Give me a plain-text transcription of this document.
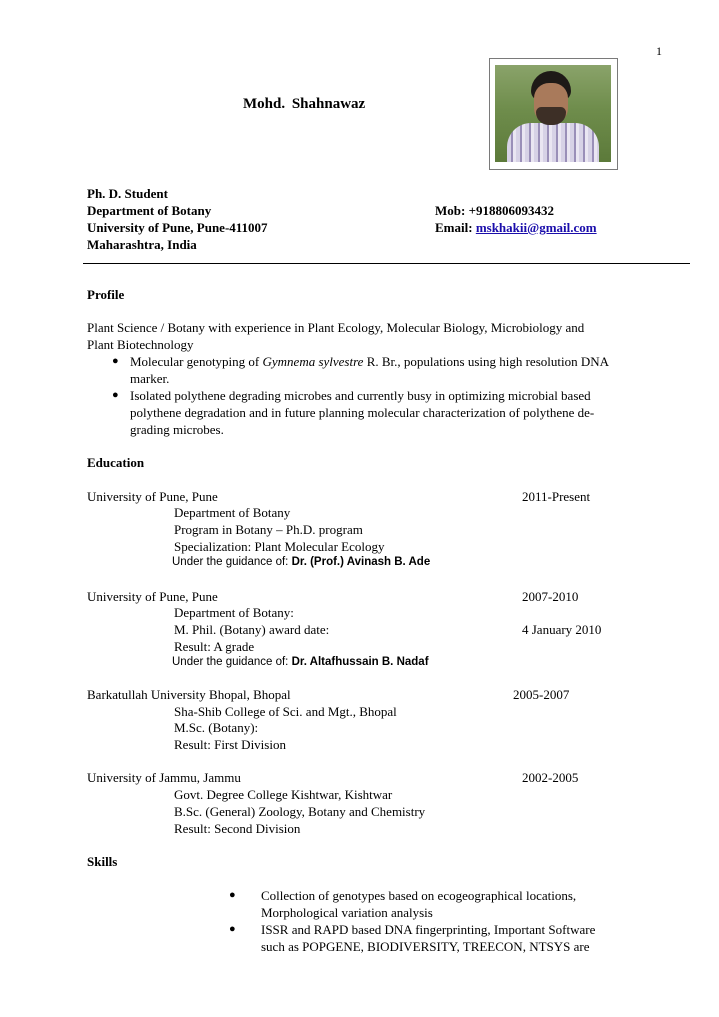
1
Mohd. Shahnawaz
Ph. D. Student
Department of Botany
University of Pune, Pune-411007
Maharashtra, India
Mob: +918806093432
Email: mskhakii@gmail.com
Profile
Plant Science / Botany with experience in Plant Ecology, Molecular Biology, Microbiology and
Plant Biotechnology
● Molecular genotyping of Gymnema sylvestre R. Br., populations using high resolution DNA
marker.
● Isolated polythene degrading microbes and currently busy in optimizing microbial based
polythene degradation and in future planning molecular characterization of polythene de-
grading microbes.
Education
University of Pune, Pune	2011-Present
Department of Botany
Program in Botany – Ph.D. program
Specialization: Plant Molecular Ecology
Under the guidance of: Dr. (Prof.) Avinash B. Ade
University of Pune, Pune	2007-2010
Department of Botany:
M. Phil. (Botany) award date:	4 January 2010
Result: A grade
Under the guidance of: Dr. Altafhussain B. Nadaf
Barkatullah University Bhopal, Bhopal	2005-2007
Sha-Shib College of Sci. and Mgt., Bhopal
M.Sc. (Botany):
Result: First Division
University of Jammu, Jammu	2002-2005
Govt. Degree College Kishtwar, Kishtwar
B.Sc. (General) Zoology, Botany and Chemistry
Result: Second Division
Skills
● Collection of genotypes based on ecogeographical locations,
Morphological variation analysis
● ISSR and RAPD based DNA fingerprinting, Important Software
such as POPGENE, BIODIVERSITY, TREECON, NTSYS are
